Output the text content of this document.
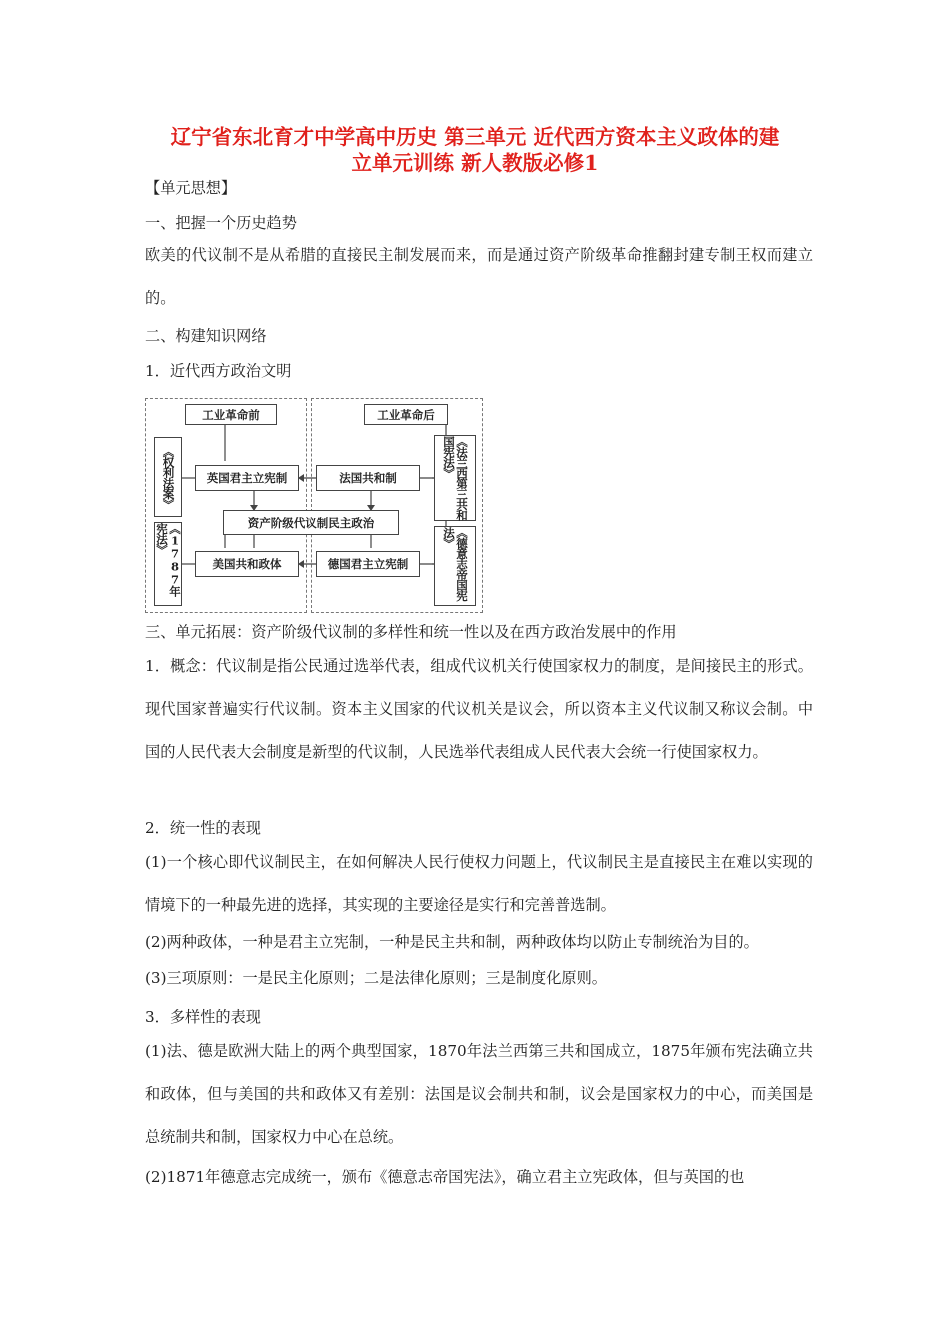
辽宁省东北育才中学高中历史 第三单元 近代西方资本主义政体的建
立单元训练 新人教版必修1
【单元思想】
一、把握一个历史趋势
欧美的代议制不是从希腊的直接民主制发展而来，而是通过资产阶级革命推翻封建专制王权而建立的。
二、构建知识网络
1．近代西方政治文明
工业革命前	工业革命后
《权利法案》
《1787年宪法》
英国君主立宪制
美国共和政体
资产阶级代议制民主政治
法国共和制
德国君主立宪制
《法兰西第三共和国宪法》
《德意志帝国宪法》
三、单元拓展：资产阶级代议制的多样性和统一性以及在西方政治发展中的作用
1．概念：代议制是指公民通过选举代表，组成代议机关行使国家权力的制度，是间接民主的形式。现代国家普遍实行代议制。资本主义国家的代议机关是议会，所以资本主义代议制又称议会制。中国的人民代表大会制度是新型的代议制，人民选举代表组成人民代表大会统一行使国家权力。
2．统一性的表现
(1)一个核心即代议制民主，在如何解决人民行使权力问题上，代议制民主是直接民主在难以实现的情境下的一种最先进的选择，其实现的主要途径是实行和完善普选制。
(2)两种政体，一种是君主立宪制，一种是民主共和制，两种政体均以防止专制统治为目的。
(3)三项原则：一是民主化原则；二是法律化原则；三是制度化原则。
3．多样性的表现
(1)法、德是欧洲大陆上的两个典型国家，1870年法兰西第三共和国成立，1875年颁布宪法确立共和政体，但与美国的共和政体又有差别：法国是议会制共和制，议会是国家权力的中心，而美国是总统制共和制，国家权力中心在总统。
(2)1871年德意志完成统一，颁布《德意志帝国宪法》，确立君主立宪政体，但与英国的也
